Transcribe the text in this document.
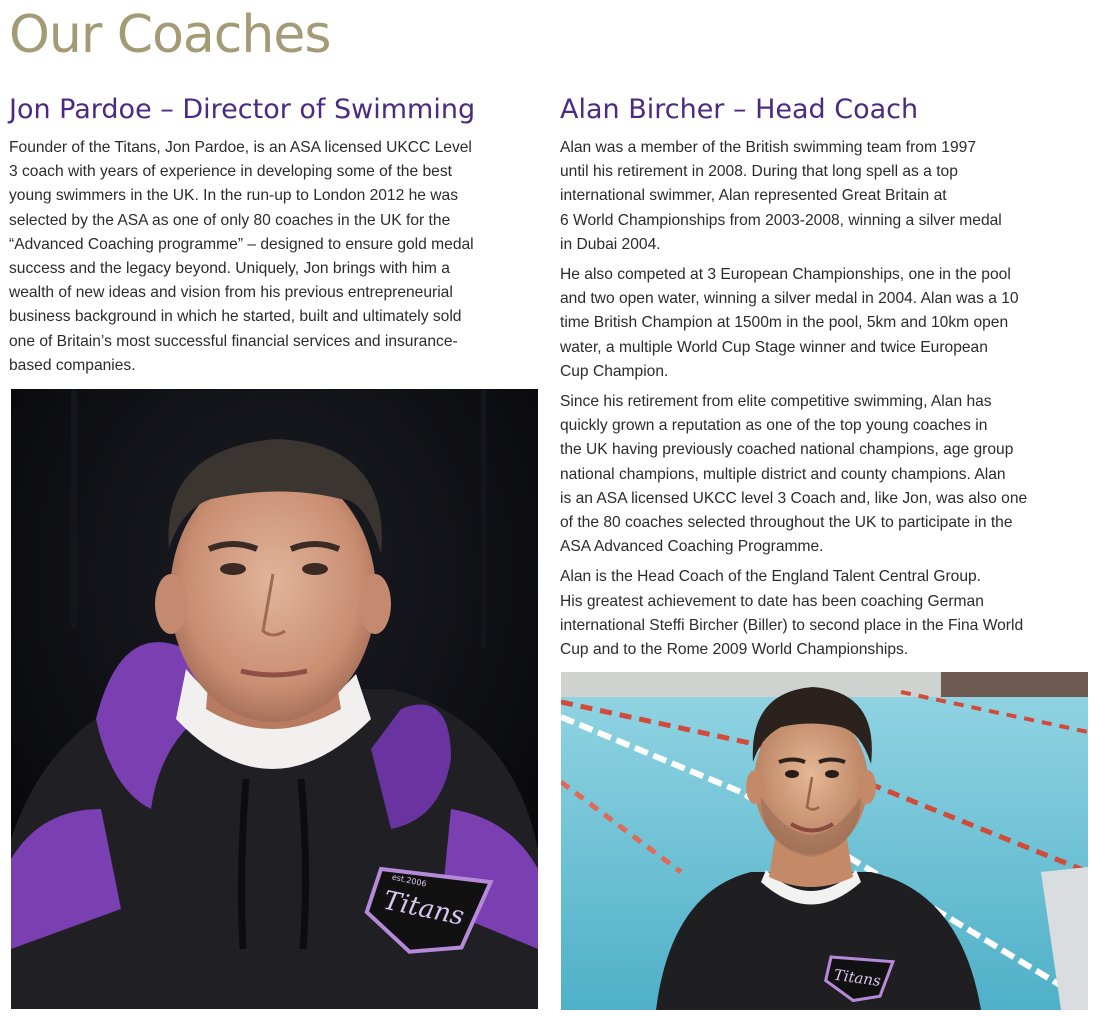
Our Coaches
Jon Pardoe – Director of Swimming
Founder of the Titans, Jon Pardoe, is an ASA licensed UKCC Level
3 coach with years of experience in developing some of the best
young swimmers in the UK. In the run-up to London 2012 he was
selected by the ASA as one of only 80 coaches in the UK for the
“Advanced Coaching programme” – designed to ensure gold medal
success and the legacy beyond. Uniquely, Jon brings with him a
wealth of new ideas and vision from his previous entrepreneurial
business background in which he started, built and ultimately sold
one of Britain’s most successful financial services and insurance-
based companies.
Alan Bircher – Head Coach
Alan was a member of the British swimming team from 1997
until his retirement in 2008. During that long spell as a top
international swimmer, Alan represented Great Britain at
6 World Championships from 2003-2008, winning a silver medal
in Dubai 2004.
He also competed at 3 European Championships, one in the pool
and two open water, winning a silver medal in 2004. Alan was a 10
time British Champion at 1500m in the pool, 5km and 10km open
water, a multiple World Cup Stage winner and twice European
Cup Champion.
Since his retirement from elite competitive swimming, Alan has
quickly grown a reputation as one of the top young coaches in
the UK having previously coached national champions, age group
national champions, multiple district and county champions. Alan
is an ASA licensed UKCC level 3 Coach and, like Jon, was also one
of the 80 coaches selected throughout the UK to participate in the
ASA Advanced Coaching Programme.
Alan is the Head Coach of the England Talent Central Group.
His greatest achievement to date has been coaching German
international Steffi Bircher (Biller) to second place in the Fina World
Cup and to the Rome 2009 World Championships.
Titans
est.2006
Titans
